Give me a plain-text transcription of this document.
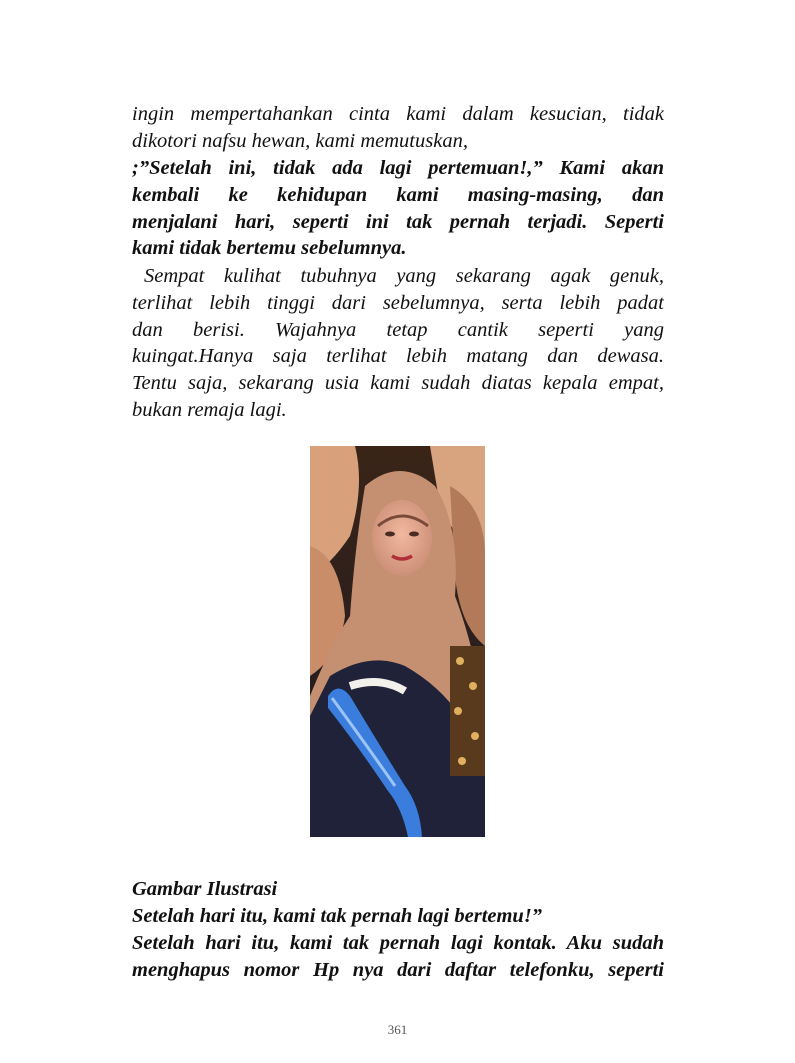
ingin mempertahankan cinta kami dalam kesucian, tidak
dikotori nafsu hewan, kami memutuskan,
;”Setelah ini, tidak ada lagi pertemuan!,” Kami akan
kembali ke kehidupan kami masing-masing, dan
menjalani hari, seperti ini tak pernah terjadi. Seperti
kami tidak bertemu sebelumnya.
Sempat kulihat tubuhnya yang sekarang agak genuk,
terlihat lebih tinggi dari sebelumnya, serta lebih padat
dan berisi. Wajahnya tetap cantik seperti yang
kuingat.Hanya saja terlihat lebih matang dan dewasa.
Tentu saja, sekarang usia kami sudah diatas kepala empat,
bukan remaja lagi.
Gambar Ilustrasi
Setelah hari itu, kami tak pernah lagi bertemu!”
Setelah hari itu, kami tak pernah lagi kontak. Aku sudah
menghapus nomor Hp nya dari daftar telefonku, seperti
361
